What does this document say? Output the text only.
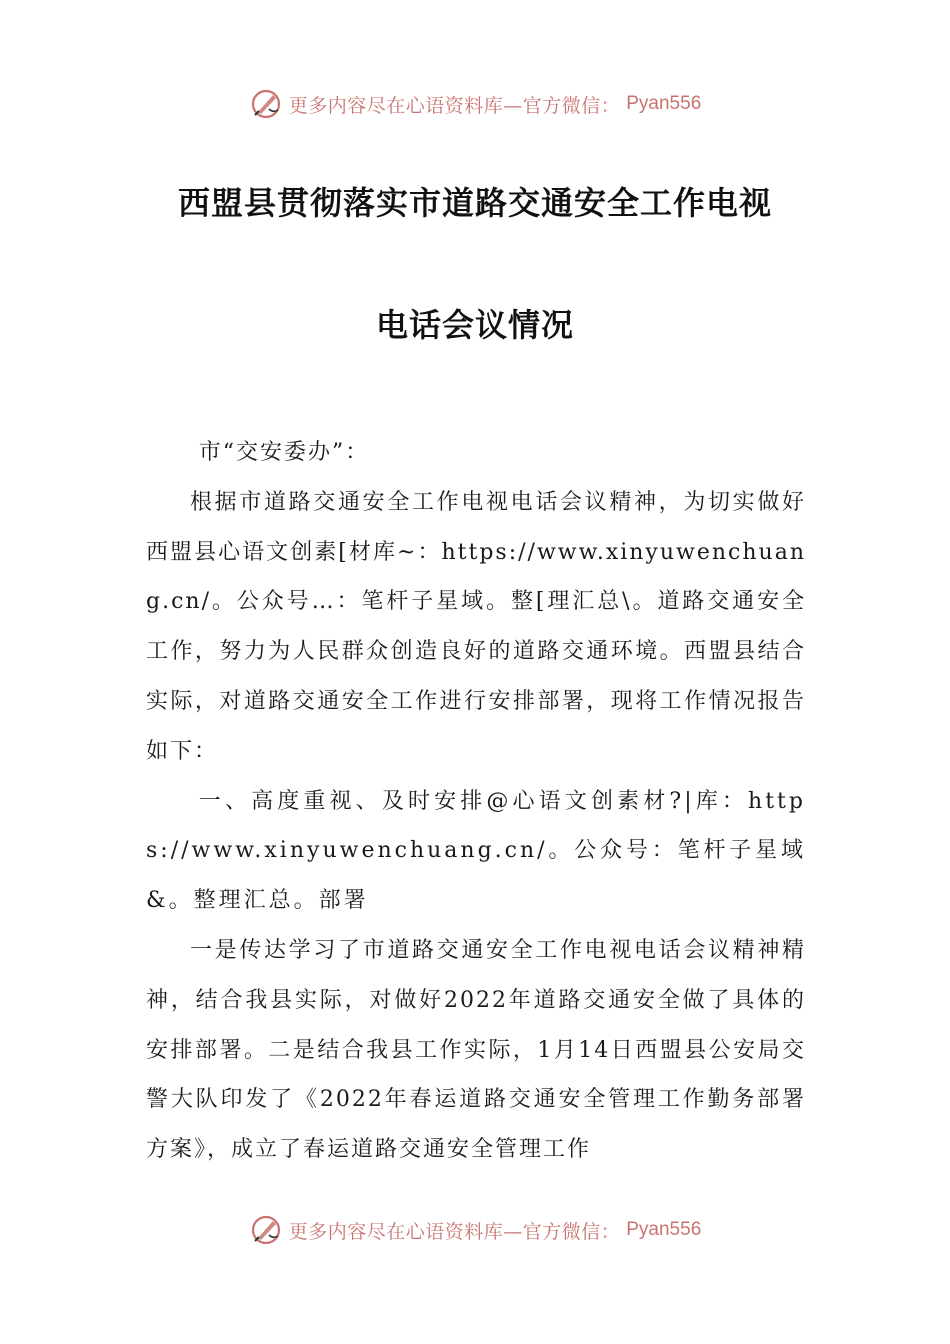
更多内容尽在心语资料库—官方微信： Pyan556
西盟县贯彻落实市道路交通安全工作电视
电话会议情况

市“交安委办”：

根据市道路交通安全工作电视电话会议精神，为切实做好西盟县心语文创素[材库~：https://www.xinyuwenchuang.cn/。公众号…：笔杆子星域。整[理汇总\。道路交通安全工作，努力为人民群众创造良好的道路交通环境。西盟县结合实际，对道路交通安全工作进行安排部署，现将工作情况报告如下：

一、高度重视、及时安排@心语文创素材?|库：https://www.xinyuwenchuang.cn/。公众号：笔杆子星域&。整理汇总。部署

一是传达学习了市道路交通安全工作电视电话会议精神精神，结合我县实际，对做好2022年道路交通安全做了具体的安排部署。二是结合我县工作实际，1月14日西盟县公安局交警大队印发了《2022年春运道路交通安全管理工作勤务部署方案》，成立了春运道路交通安全管理工作

更多内容尽在心语资料库—官方微信： Pyan556
